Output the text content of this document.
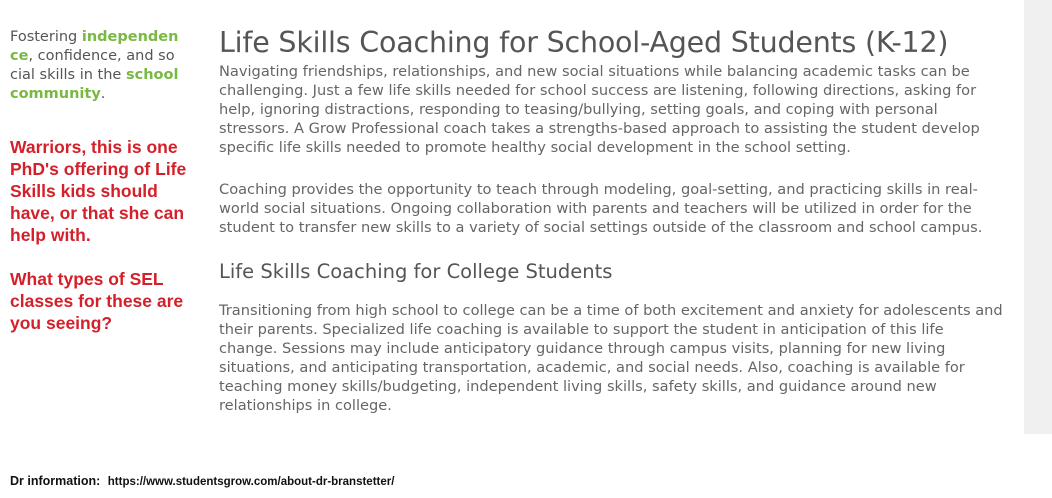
Fostering independence, confidence, and social skills in the school community.

Warriors, this is one PhD's offering of Life Skills kids should have, or that she can help with.

What types of SEL classes for these are you seeing?

Life Skills Coaching for School-Aged Students (K-12)

Navigating friendships, relationships, and new social situations while balancing academic tasks can be challenging. Just a few life skills needed for school success are listening, following directions, asking for help, ignoring distractions, responding to teasing/bullying, setting goals, and coping with personal stressors. A Grow Professional coach takes a strengths-based approach to assisting the student develop specific life skills needed to promote healthy social development in the school setting.

Coaching provides the opportunity to teach through modeling, goal-setting, and practicing skills in real-world social situations. Ongoing collaboration with parents and teachers will be utilized in order for the student to transfer new skills to a variety of social settings outside of the classroom and school campus.

Life Skills Coaching for College Students

Transitioning from high school to college can be a time of both excitement and anxiety for adolescents and their parents. Specialized life coaching is available to support the student in anticipation of this life change. Sessions may include anticipatory guidance through campus visits, planning for new living situations, and anticipating transportation, academic, and social needs. Also, coaching is available for teaching money skills/budgeting, independent living skills, safety skills, and guidance around new relationships in college.

Dr information: https://www.studentsgrow.com/about-dr-branstetter/
